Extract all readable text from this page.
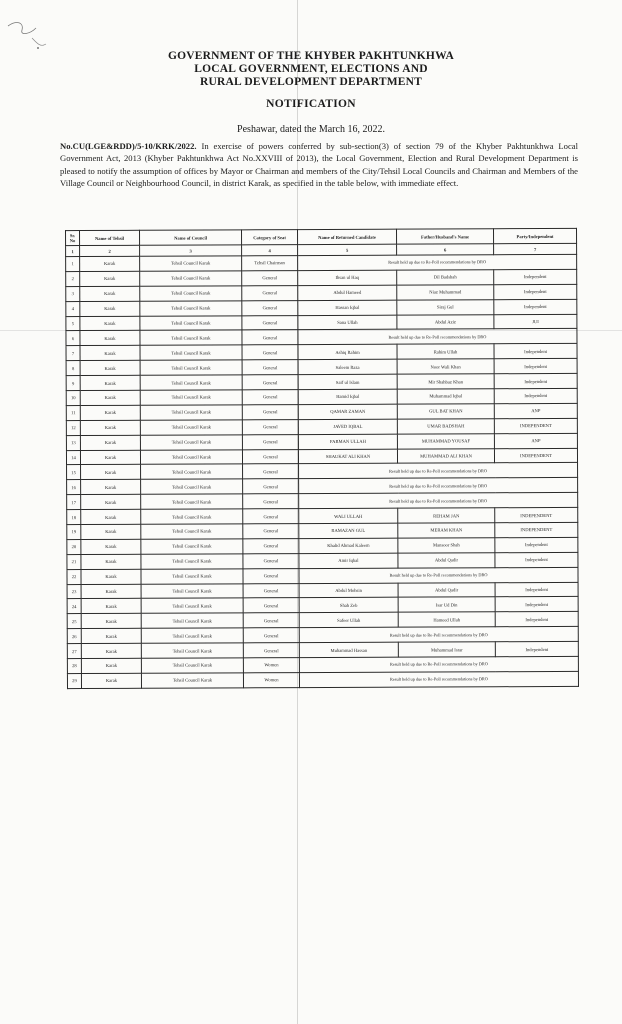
GOVERNMENT OF THE KHYBER PAKHTUNKHWA
LOCAL GOVERNMENT, ELECTIONS AND
RURAL DEVELOPMENT DEPARTMENT
NOTIFICATION
Peshawar, dated the March 16, 2022.
No.CU(LGE&RDD)/5-10/KRK/2022. In exercise of powers conferred by sub-section(3) of section 79 of the Khyber Pakhtunkhwa Local Government Act, 2013 (Khyber Pakhtunkhwa Act No.XXVIII of 2013), the Local Government, Election and Rural Development Department is pleased to notify the assumption of offices by Mayor or Chairman and members of the City/Tehsil Local Councils and Chairman and Members of the Village Council or Neighbourhood Council, in district Karak, as specified in the table below, with immediate effect.
Sr. No	Name of Tehsil	Name of Council	Category of Seat	Name of Returned Candidate	Father/Husband's Name	Party/Independent
1	2	3	4	5	6	7
1	Karak	Tehsil Council Karak	Tehsil Chairman	Result held up due to Re-Poll recommendations by DRO		
2	Karak	Tehsil Council Karak	General	Ihsan ul Haq	Dil Badshah	Independent
3	Karak	Tehsil Council Karak	General	Abdul Hameed	Niaz Muhammad	Independent
4	Karak	Tehsil Council Karak	General	Hassan Iqbal	Siraj Gul	Independent
5	Karak	Tehsil Council Karak	General	Sana Ullah	Abdul Aziz	JUI
6	Karak	Tehsil Council Karak	General	Result held up due to Re-Poll recommendations by DRO		
7	Karak	Tehsil Council Karak	General	Ashiq Rahim	Rahim Ullah	Independent
8	Karak	Tehsil Council Karak	General	Saleem Raza	Noor Wali Khan	Independent
9	Karak	Tehsil Council Karak	General	Saif ul Islam	Mir Shahbaz Khan	Independent
10	Karak	Tehsil Council Karak	General	Hamid Iqbal	Muhammad Iqbal	Independent
11	Karak	Tehsil Council Karak	General	QAMAR ZAMAN	GUL BAT KHAN	ANP
12	Karak	Tehsil Council Karak	General	JAVED IQBAL	UMAR BADSHAH	INDEPENDENT
13	Karak	Tehsil Council Karak	General	FARMAN ULLAH	MUHAMMAD YOUSAF	ANP
14	Karak	Tehsil Council Karak	General	SHAUKAT ALI KHAN	MUHAMMAD ALI KHAN	INDEPENDENT
15	Karak	Tehsil Council Karak	General	Result held up due to Re-Poll recommendations by DRO		
16	Karak	Tehsil Council Karak	General	Result held up due to Re-Poll recommendations by DRO		
17	Karak	Tehsil Council Karak	General	Result held up due to Re-Poll recommendations by DRO		
18	Karak	Tehsil Council Karak	General	WALI ULLAH	REHAM JAN	INDEPENDENT
19	Karak	Tehsil Council Karak	General	RAMAZAN GUL	MERAM KHAN	INDEPENDENT
20	Karak	Tehsil Council Karak	General	Khalid Ahmad Kaleem	Mansoor Shah	Independent
21	Karak	Tehsil Council Karak	General	Amir Iqbal	Abdul Qadir	Independent
22	Karak	Tehsil Council Karak	General	Result held up due to Re-Poll recommendations by DRO		
23	Karak	Tehsil Council Karak	General	Abdul Mohsin	Abdul Qadir	Independent
24	Karak	Tehsil Council Karak	General	Shah Zeb	Isar Ud Din	Independent
25	Karak	Tehsil Council Karak	General	Safeer Ullah	Hameed Ullah	Independent
26	Karak	Tehsil Council Karak	General	Result held up due to Re-Poll recommendations by DRO		
27	Karak	Tehsil Council Karak	General	Muhammad Hassan	Muhammad Israr	Independent
28	Karak	Tehsil Council Karak	Women	Result held up due to Re-Poll recommendations by DRO		
29	Karak	Tehsil Council Karak	Women	Result held up due to Re-Poll recommendations by DRO		
